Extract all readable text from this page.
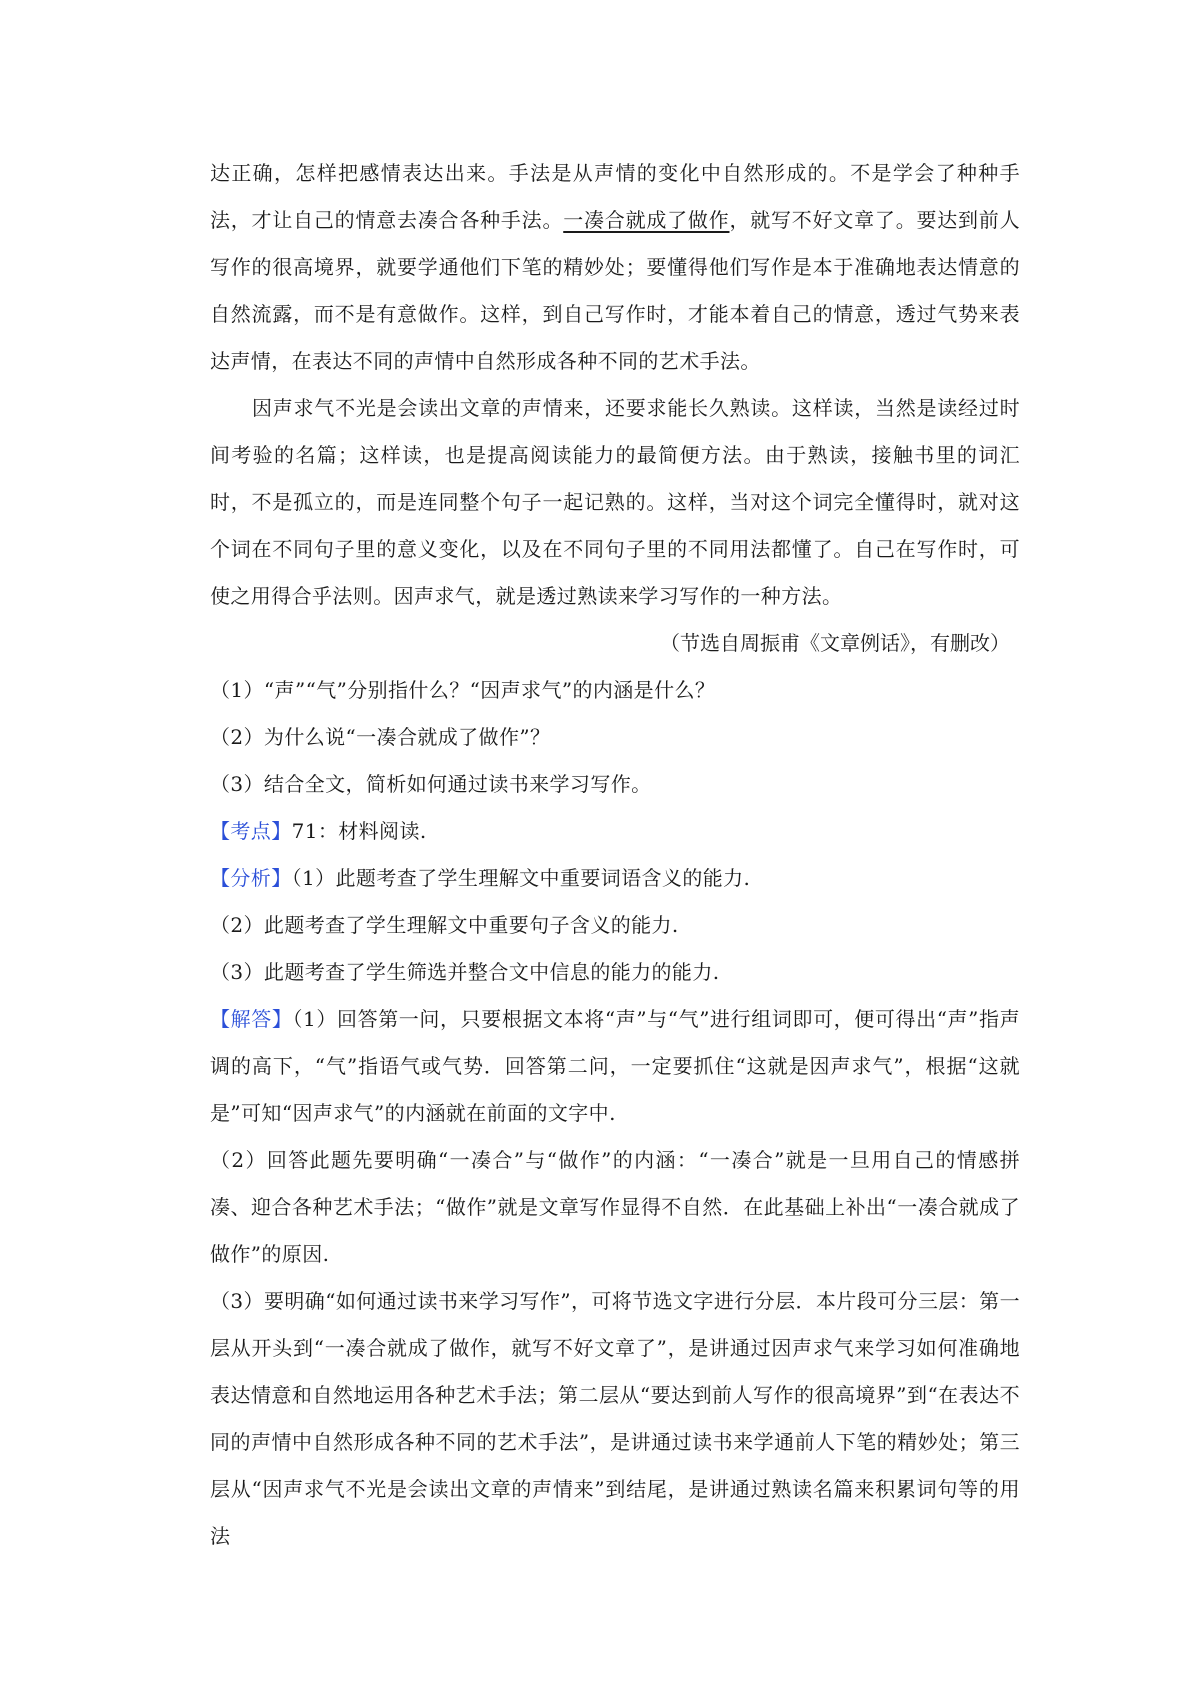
达正确，怎样把感情表达出来。手法是从声情的变化中自然形成的。不是学会了种种手法，才让自己的情意去凑合各种手法。一凑合就成了做作，就写不好文章了。要达到前人写作的很高境界，就要学通他们下笔的精妙处；要懂得他们写作是本于准确地表达情意的自然流露，而不是有意做作。这样，到自己写作时，才能本着自己的情意，透过气势来表达声情，在表达不同的声情中自然形成各种不同的艺术手法。

因声求气不光是会读出文章的声情来，还要求能长久熟读。这样读，当然是读经过时间考验的名篇；这样读，也是提高阅读能力的最简便方法。由于熟读，接触书里的词汇时，不是孤立的，而是连同整个句子一起记熟的。这样，当对这个词完全懂得时，就对这个词在不同句子里的意义变化，以及在不同句子里的不同用法都懂了。自己在写作时，可使之用得合乎法则。因声求气，就是透过熟读来学习写作的一种方法。

（节选自周振甫《文章例话》，有删改）

（1）“声”“气”分别指什么？“因声求气”的内涵是什么？

（2）为什么说“一凑合就成了做作”？

（3）结合全文，简析如何通过读书来学习写作。

【考点】71：材料阅读.

【分析】（1）此题考查了学生理解文中重要词语含义的能力.

（2）此题考查了学生理解文中重要句子含义的能力.

（3）此题考查了学生筛选并整合文中信息的能力的能力.

【解答】（1）回答第一问，只要根据文本将“声”与“气”进行组词即可，便可得出“声”指声调的高下，“气”指语气或气势．回答第二问，一定要抓住“这就是因声求气”，根据“这就是”可知“因声求气”的内涵就在前面的文字中.

（2）回答此题先要明确“一凑合”与“做作”的内涵：“一凑合”就是一旦用自己的情感拼凑、迎合各种艺术手法；“做作”就是文章写作显得不自然．在此基础上补出“一凑合就成了做作”的原因.

（3）要明确“如何通过读书来学习写作”，可将节选文字进行分层．本片段可分三层：第一层从开头到“一凑合就成了做作，就写不好文章了”，是讲通过因声求气来学习如何准确地表达情意和自然地运用各种艺术手法；第二层从“要达到前人写作的很高境界”到“在表达不同的声情中自然形成各种不同的艺术手法”，是讲通过读书来学通前人下笔的精妙处；第三层从“因声求气不光是会读出文章的声情来”到结尾，是讲通过熟读名篇来积累词句等的用法
